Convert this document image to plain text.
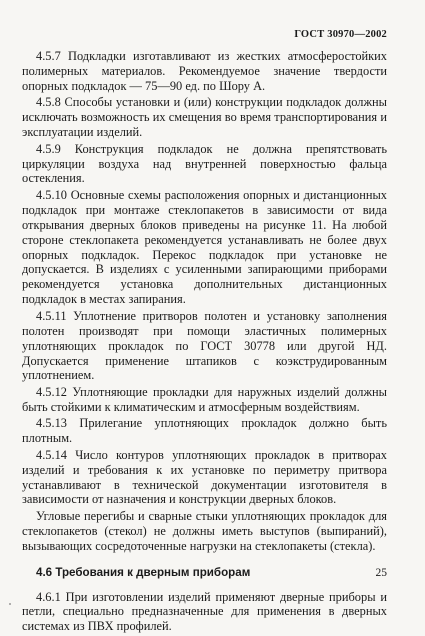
ГОСТ 30970—2002

4.5.7 Подкладки изготавливают из жестких атмосферостойких полимерных материалов. Рекомендуемое значение твердости опорных подкладок — 75—90 ед. по Шору А.

4.5.8 Способы установки и (или) конструкции подкладок должны исключать возможность их смещения во время транспортирования и эксплуатации изделий.

4.5.9 Конструкция подкладок не должна препятствовать циркуляции воздуха над внутренней поверхностью фальца остекления.

4.5.10 Основные схемы расположения опорных и дистанционных подкладок при монтаже стеклопакетов в зависимости от вида открывания дверных блоков приведены на рисунке 11. На любой стороне стеклопакета рекомендуется устанавливать не более двух опорных подкладок. Перекос подкладок при установке не допускается. В изделиях с усиленными запирающими приборами рекомендуется установка дополнительных дистанционных подкладок в местах запирания.

4.5.11 Уплотнение притворов полотен и установку заполнения полотен производят при помощи эластичных полимерных уплотняющих прокладок по ГОСТ 30778 или другой НД. Допускается применение штапиков с коэкструдированным уплотнением.

4.5.12 Уплотняющие прокладки для наружных изделий должны быть стойкими к климатическим и атмосферным воздействиям.

4.5.13 Прилегание уплотняющих прокладок должно быть плотным.

4.5.14 Число контуров уплотняющих прокладок в притворах изделий и требования к их установке по периметру притвора устанавливают в технической документации изготовителя в зависимости от назначения и конструкции дверных блоков.

Угловые перегибы и сварные стыки уплотняющих прокладок для стеклопакетов (стекол) не должны иметь выступов (выпираний), вызывающих сосредоточенные нагрузки на стеклопакеты (стекла).

4.6 Требования к дверным приборам

4.6.1 При изготовлении изделий применяют дверные приборы и петли, специально предназначенные для применения в дверных системах из ПВХ профилей.

25
